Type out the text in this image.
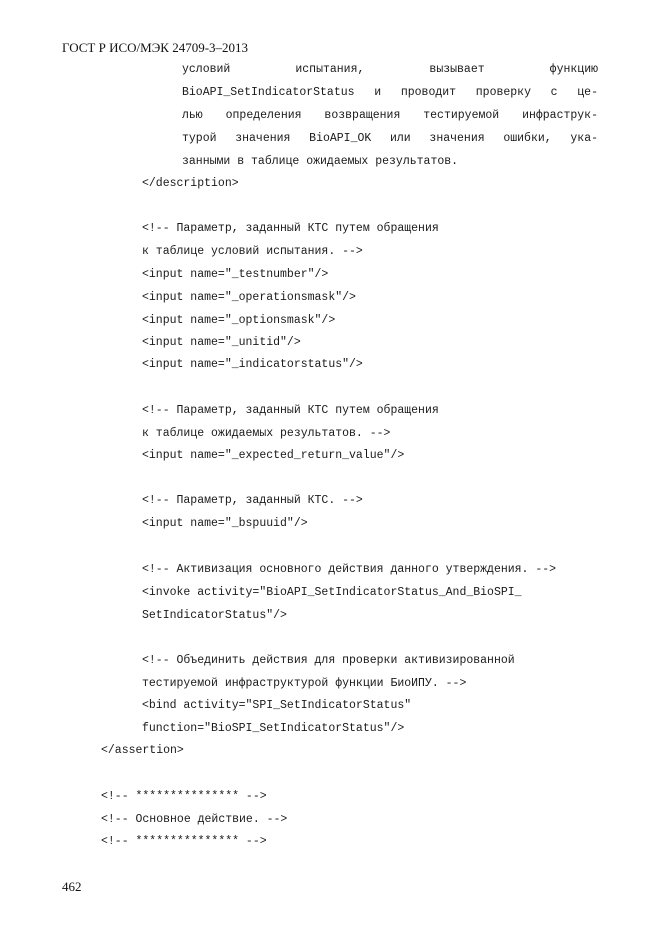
ГОСТ Р ИСО/МЭК 24709-3–2013
условий испытания, вызывает функцию
BioAPI_SetIndicatorStatus и проводит проверку с це-
лью определения возвращения тестируемой инфраструк-
турой значения BioAPI_OK или значения ошибки, ука-
занными в таблице ожидаемых результатов.
</description>
<!-- Параметр, заданный КТС путем обращения
к таблице условий испытания. -->
<input name="_testnumber"/>
<input name="_operationsmask"/>
<input name="_optionsmask"/>
<input name="_unitid"/>
<input name="_indicatorstatus"/>
<!-- Параметр, заданный КТС путем обращения
к таблице ожидаемых результатов. -->
<input name="_expected_return_value"/>
<!-- Параметр, заданный КТС. -->
<input name="_bspuuid"/>
<!-- Активизация основного действия данного утверждения. -->
<invoke activity="BioAPI_SetIndicatorStatus_And_BioSPI_
SetIndicatorStatus"/>
<!-- Объединить действия для проверки активизированной
тестируемой инфраструктурой функции БиоИПУ. -->
<bind activity="SPI_SetIndicatorStatus"
function="BioSPI_SetIndicatorStatus"/>
</assertion>
<!-- *************** -->
<!-- Основное действие. -->
<!-- *************** -->
462
